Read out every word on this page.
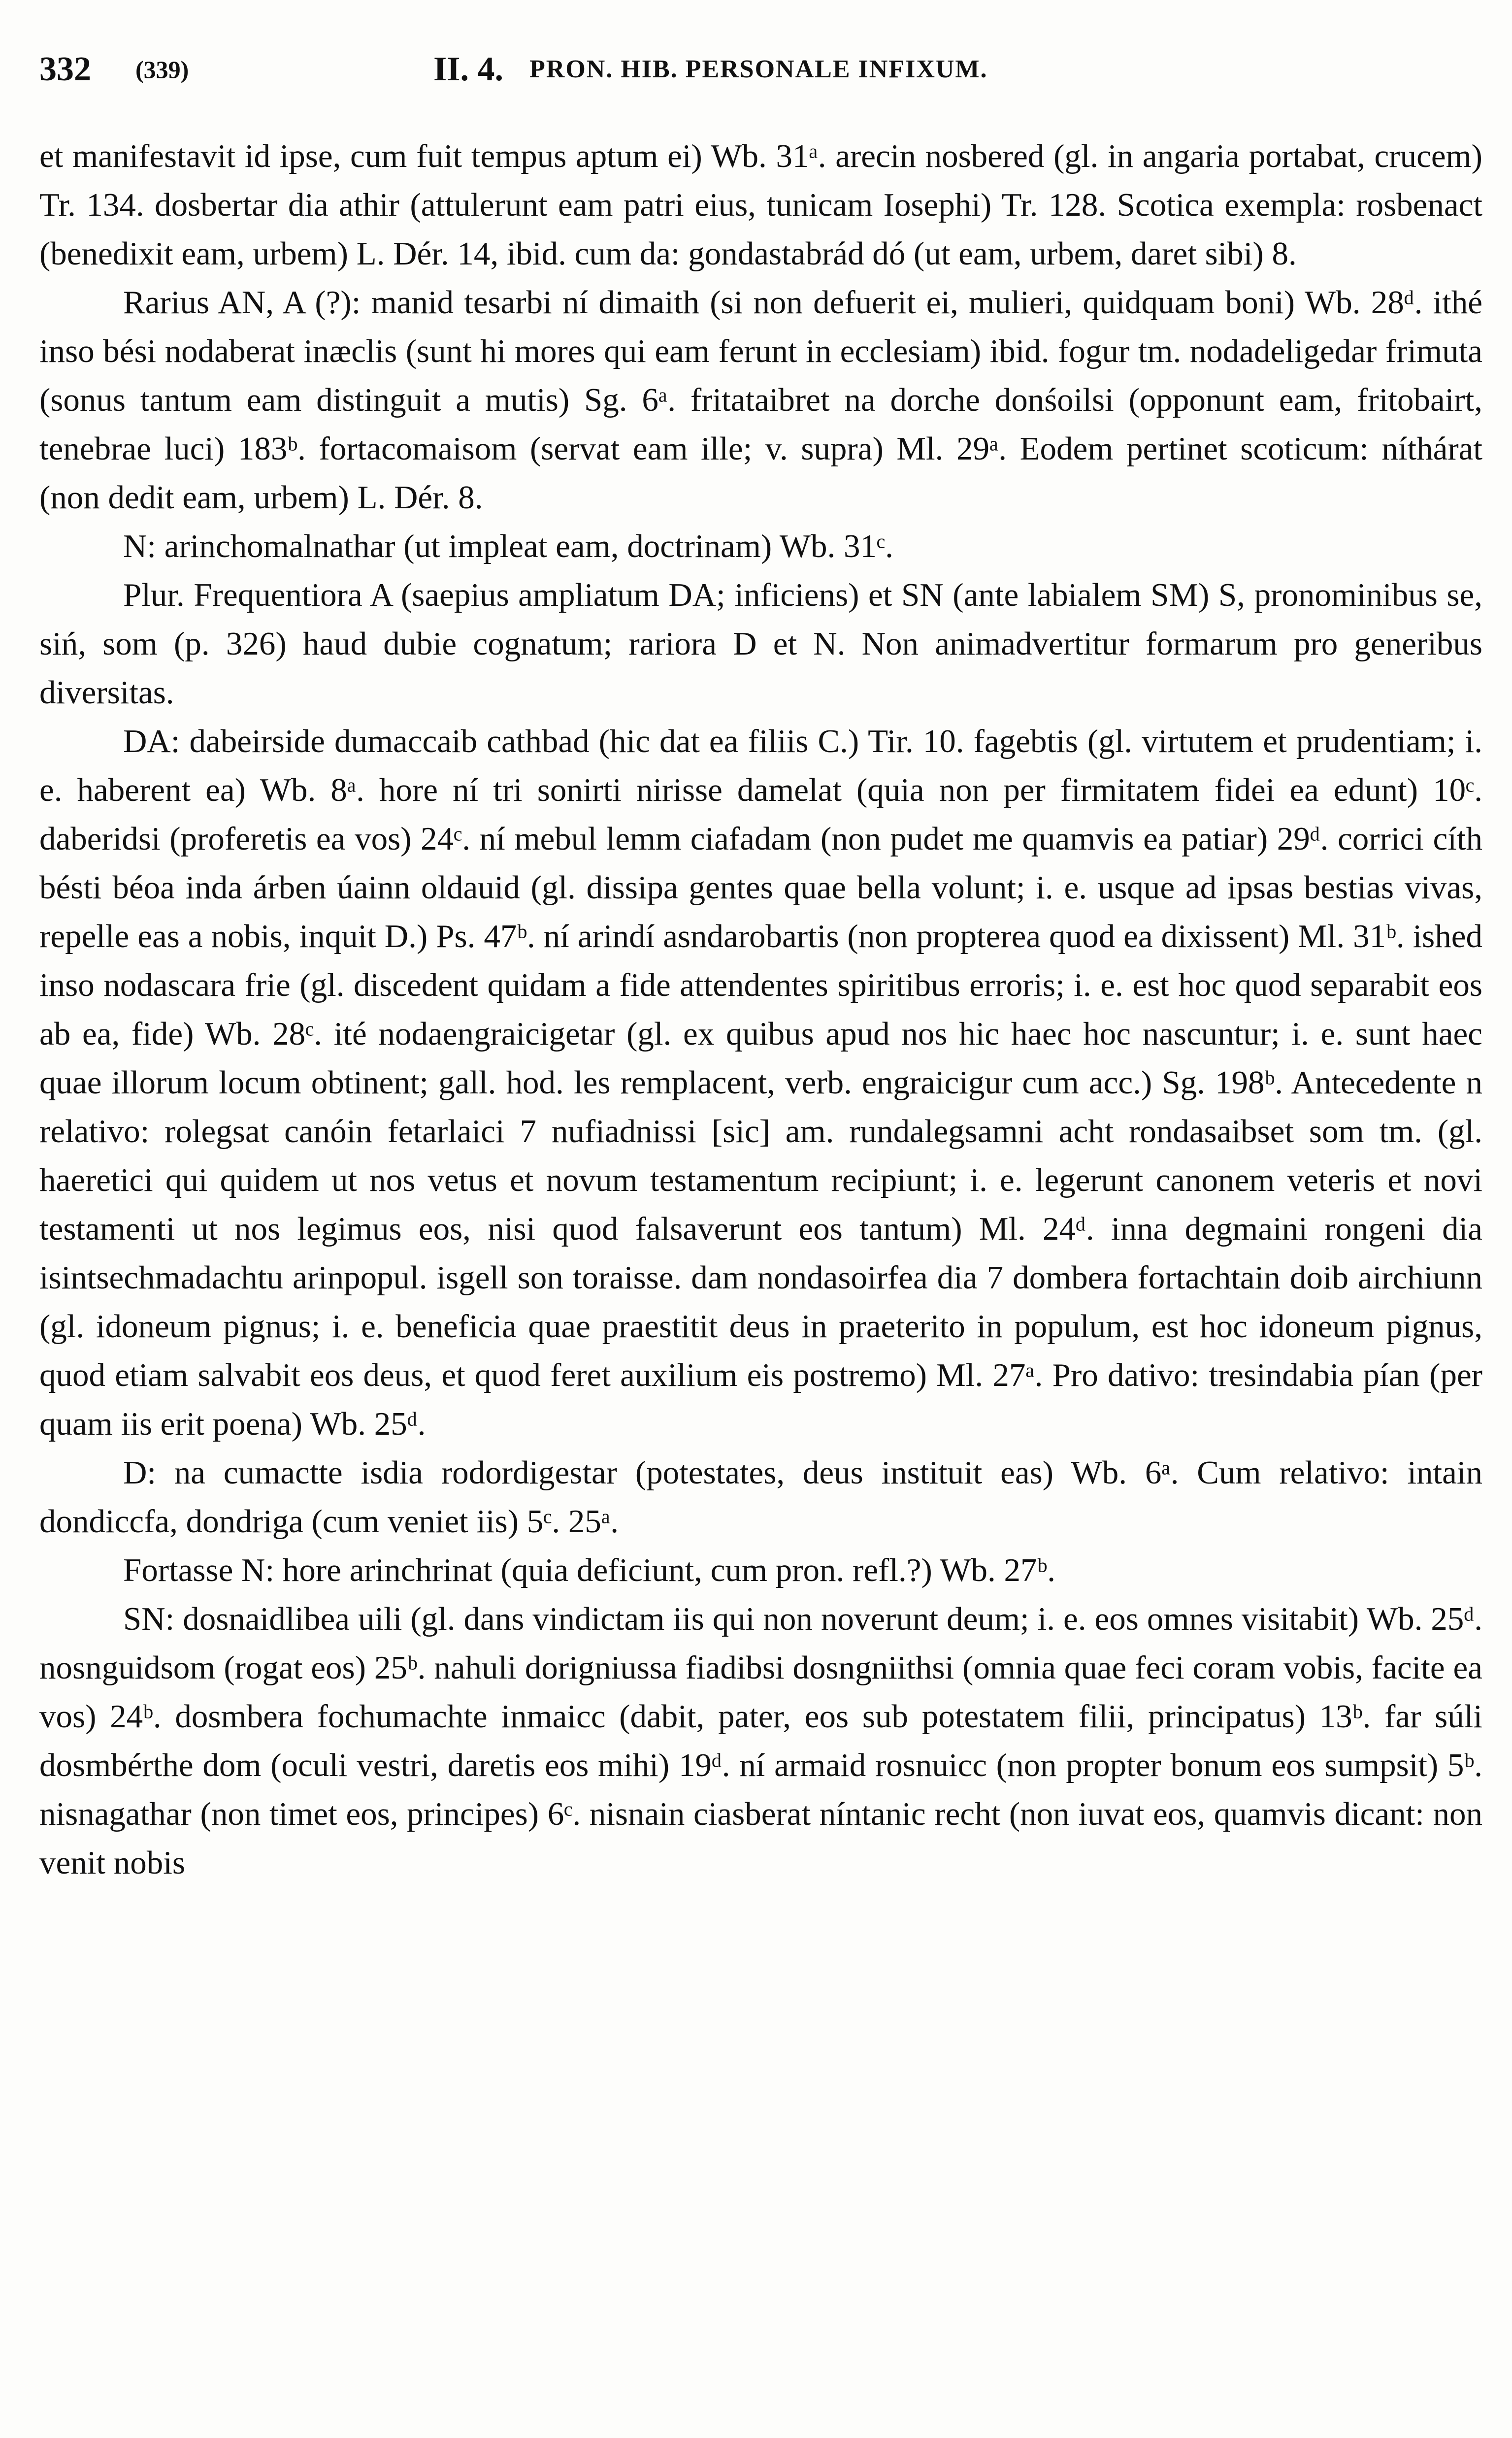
332 (339)	II. 4. PRON. HIB. PERSONALE INFIXUM.

et manifestavit id ipse, cum fuit tempus aptum ei) Wb. 31ᵃ. arecin nosbered (gl. in angaria portabat, crucem) Tr. 134. dosbertar dia athir (attulerunt eam patri eius, tunicam Iosephi) Tr. 128. Scotica exempla: rosbenact (benedixit eam, urbem) L. Dér. 14, ibid. cum da: gondastabrád dó (ut eam, urbem, daret sibi) 8.

Rarius AN, A (?): manid tesarbi ní dimaith (si non defuerit ei, mulieri, quidquam boni) Wb. 28ᵈ. ithé inso bési nodaberat inæclis (sunt hi mores qui eam ferunt in ecclesiam) ibid. fogur tm. nodadeligedar frimuta (sonus tantum eam distinguit a mutis) Sg. 6ᵃ. fritataibret na dorche donśoilsi (opponunt eam, fritobairt, tenebrae luci) 183ᵇ. fortacomaisom (servat eam ille; v. supra) Ml. 29ᵃ. Eodem pertinet scoticum: níthárat (non dedit eam, urbem) L. Dér. 8.

N: arinchomalnathar (ut impleat eam, doctrinam) Wb. 31ᶜ.

Plur. Frequentiora A (saepius ampliatum DA; inficiens) et SN (ante labialem SM) S, pronominibus se, siń, som (p. 326) haud dubie cognatum; rariora D et N. Non animadvertitur formarum pro generibus diversitas.

DA: dabeirside dumaccaib cathbad (hic dat ea filiis C.) Tir. 10. fagebtis (gl. virtutem et prudentiam; i. e. haberent ea) Wb. 8ᵃ. hore ní tri sonirti nirisse damelat (quia non per firmitatem fidei ea edunt) 10ᶜ. daberidsi (proferetis ea vos) 24ᶜ. ní mebul lemm ciafadam (non pudet me quamvis ea patiar) 29ᵈ. corrici cíth bésti béoa inda árben úainn oldauid (gl. dissipa gentes quae bella volunt; i. e. usque ad ipsas bestias vivas, repelle eas a nobis, inquit D.) Ps. 47ᵇ. ní arindí asndarobartis (non propterea quod ea dixissent) Ml. 31ᵇ. ished inso nodascara frie (gl. discedent quidam a fide attendentes spiritibus erroris; i. e. est hoc quod separabit eos ab ea, fide) Wb. 28ᶜ. ité nodaengraicigetar (gl. ex quibus apud nos hic haec hoc nascuntur; i. e. sunt haec quae illorum locum obtinent; gall. hod. les remplacent, verb. engraicigur cum acc.) Sg. 198ᵇ. Antecedente n relativo: rolegsat canóin fetarlaici 7 nufiadnissi [sic] am. rundalegsamni acht rondasaibset som tm. (gl. haeretici qui quidem ut nos vetus et novum testamentum recipiunt; i. e. legerunt canonem veteris et novi testamenti ut nos legimus eos, nisi quod falsaverunt eos tantum) Ml. 24ᵈ. inna degmaini rongeni dia isintsechmadachtu arinpopul. isgell son toraisse. dam nondasoirfea dia 7 dombera fortachtain doib airchiunn (gl. idoneum pignus; i. e. beneficia quae praestitit deus in praeterito in populum, est hoc idoneum pignus, quod etiam salvabit eos deus, et quod feret auxilium eis postremo) Ml. 27ᵃ. Pro dativo: tresindabia pían (per quam iis erit poena) Wb. 25ᵈ.

D: na cumactte isdia rodordigestar (potestates, deus instituit eas) Wb. 6ᵃ. Cum relativo: intain dondiccfa, dondriga (cum veniet iis) 5ᶜ. 25ᵃ.

Fortasse N: hore arinchrinat (quia deficiunt, cum pron. refl.?) Wb. 27ᵇ.

SN: dosnaidlibea uili (gl. dans vindictam iis qui non noverunt deum; i. e. eos omnes visitabit) Wb. 25ᵈ. nosnguidsom (rogat eos) 25ᵇ. nahuli dorigniussa fiadibsi dosngniithsi (omnia quae feci coram vobis, facite ea vos) 24ᵇ. dosmbera fochumachte inmaicc (dabit, pater, eos sub potestatem filii, principatus) 13ᵇ. far súli dosmbérthe dom (oculi vestri, daretis eos mihi) 19ᵈ. ní armaid rosnuicc (non propter bonum eos sumpsit) 5ᵇ. nisnagathar (non timet eos, principes) 6ᶜ. nisnain ciasberat níntanic recht (non iuvat eos, quamvis dicant: non venit nobis
